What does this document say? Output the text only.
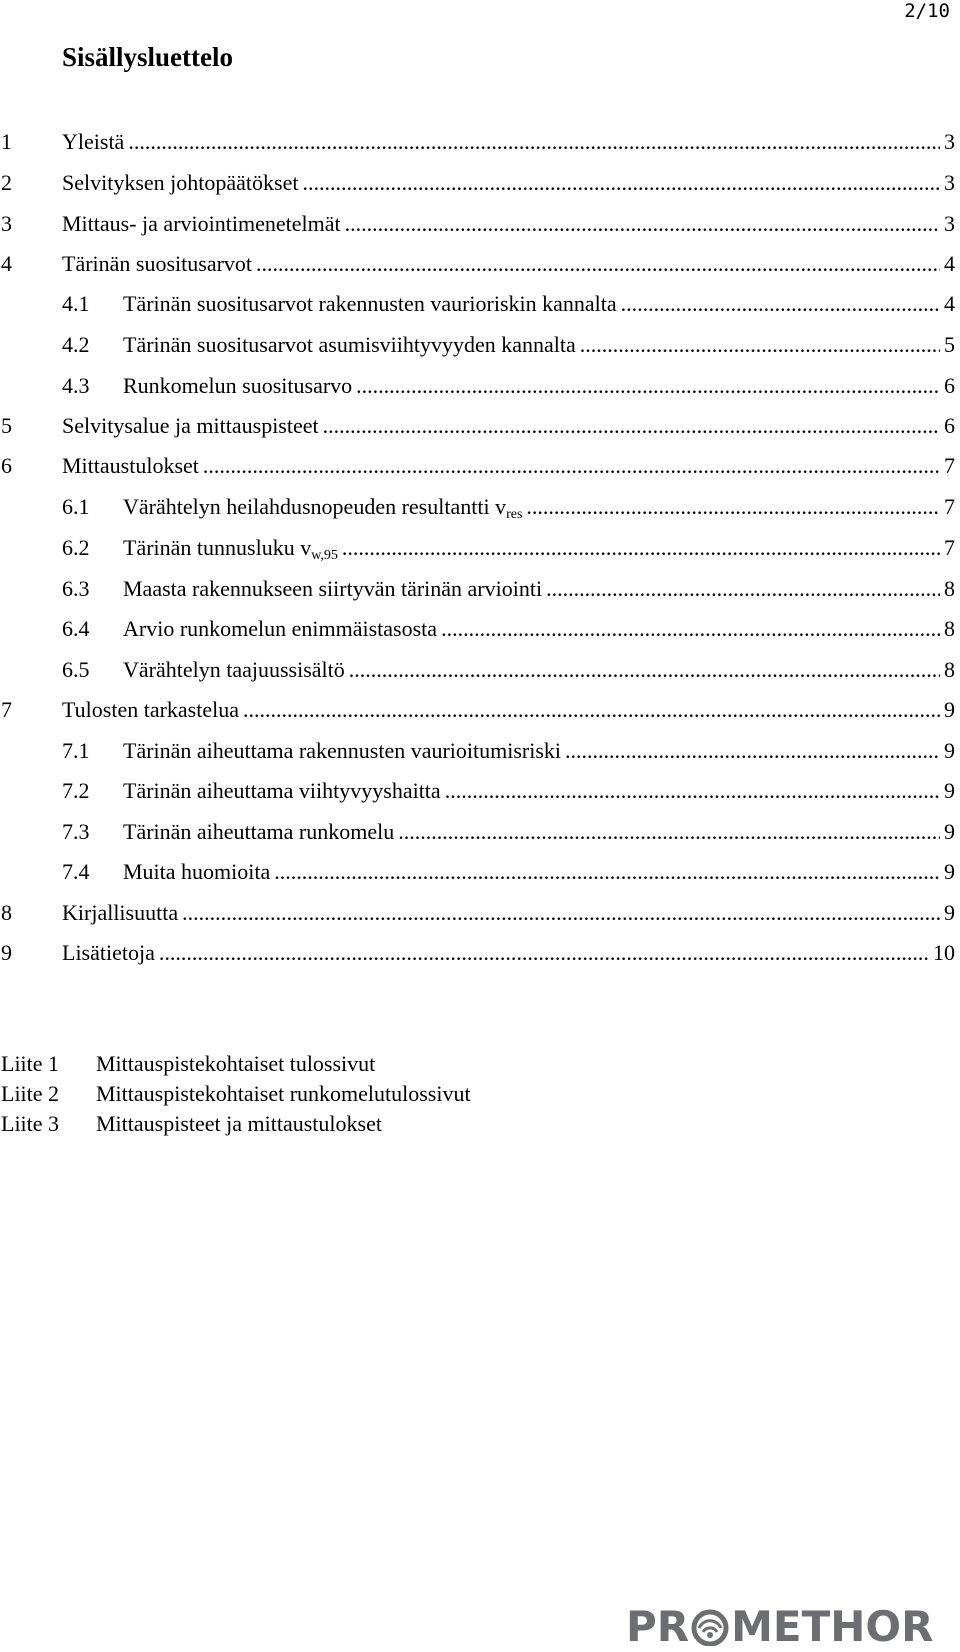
2/10
Sisällysluettelo
1 Yleistä .....	3
2 Selvityksen johtopäätökset .....	3
3 Mittaus- ja arviointimenetelmät .....	3
4 Tärinän suositusarvot .....	4
4.1 Tärinän suositusarvot rakennusten vaurioriskin kannalta .....	4
4.2 Tärinän suositusarvot asumisviihtyvyyden kannalta .....	5
4.3 Runkomelun suositusarvo .....	6
5 Selvitysalue ja mittauspisteet .....	6
6 Mittaustulokset .....	7
6.1 Värähtelyn heilahdusnopeuden resultantti $v_{res}$ .....	7
6.2 Tärinän tunnusluku $v_{w,95}$ .....	7
6.3 Maasta rakennukseen siirtyvän tärinän arviointi .....	8
6.4 Arvio runkomelun enimmäistasosta .....	8
6.5 Värähtelyn taajuussisältö .....	8
7 Tulosten tarkastelua .....	9
7.1 Tärinän aiheuttama rakennusten vaurioitumisriski .....	9
7.2 Tärinän aiheuttama viihtyvyyshaitta .....	9
7.3 Tärinän aiheuttama runkomelu .....	9
7.4 Muita huomioita .....	9
8 Kirjallisuutta .....	9
9 Lisätietoja .....	10
Liite 1 Mittauspistekohtaiset tulossivut
Liite 2 Mittauspistekohtaiset runkomelutulossivut
Liite 3 Mittauspisteet ja mittaustulokset
PR METHOR
